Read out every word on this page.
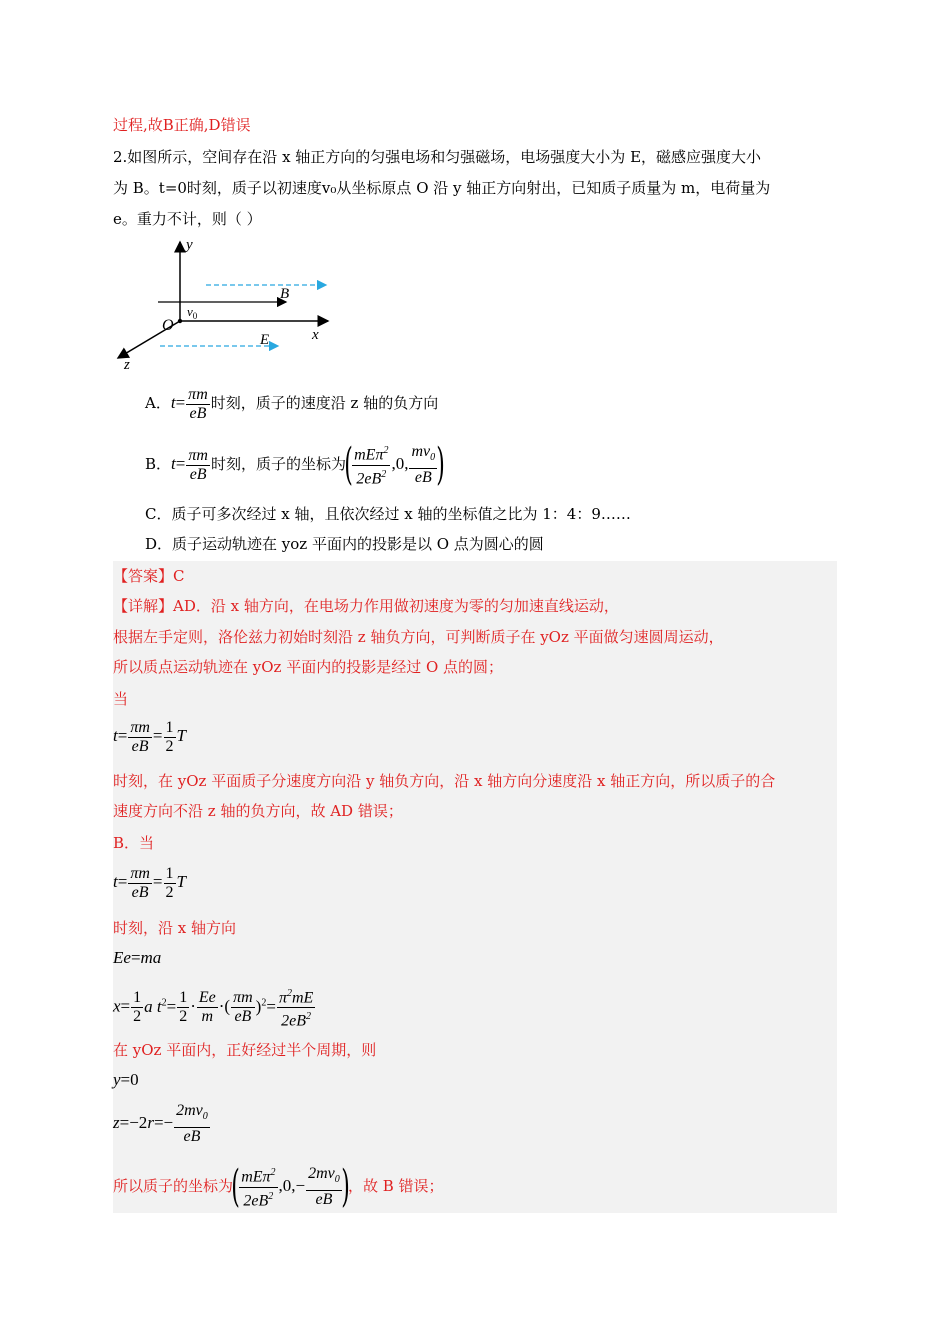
过程,故B正确,D错误
2.如图所示，空间存在沿 x 轴正方向的匀强电场和匀强磁场，电场强度大小为 E，磁感应强度大小
为 B。t=0时刻，质子以初速度v₀从坐标原点 O 沿 y 轴正方向射出，已知质子质量为 m，电荷量为
e。重力不计，则（ ）
y
x
z
O
B
E
$v_0$
A．$t= \frac{\pi m}{eB}$ 时刻，质子的速度沿 z 轴的负方向
B．$t= \frac{\pi m}{eB}$ 时刻，质子的坐标为( $\frac{mE\pi^2}{2eB^2} ,0$, $\frac{mv_0}{eB}$ )
C．质子可多次经过 x 轴，且依次经过 x 轴的坐标值之比为 1：4：9……
D．质子运动轨迹在 yoz 平面内的投影是以 O 点为圆心的圆
【答案】C
【详解】AD．沿 x 轴方向，在电场力作用做初速度为零的匀加速直线运动，
根据左手定则，洛伦兹力初始时刻沿 z 轴负方向，可判断质子在 yOz 平面做匀速圆周运动，
所以质点运动轨迹在 yOz 平面内的投影是经过 O 点的圆；
当
$t= \frac{\pi m}{eB} = \frac{1}{2}$ T
时刻，在 yOz 平面质子分速度方向沿 y 轴负方向，沿 x 轴方向分速度沿 x 轴正方向，所以质子的合
速度方向不沿 z 轴的负方向，故 AD 错误；
B．当
$t= \frac{\pi m}{eB} = \frac{1}{2}$ T
时刻，沿 x 轴方向
Ee=ma
$x= \frac{1}{2}$ a $t^2= \frac{1}{2} \cdot \frac{Ee}{m}$ ·( $\frac{\pi m}{eB} )^2= \frac{\pi^2mE}{2eB^2}$
在 yOz 平面内，正好经过半个周期，则
y=0
$z=-2r=- \frac{2mv_0}{eB}$
所以质子的坐标为( $\frac{mE\pi^2}{2eB^2} ,0,- \frac{2mv_0}{eB}$ )，故 B 错误；
